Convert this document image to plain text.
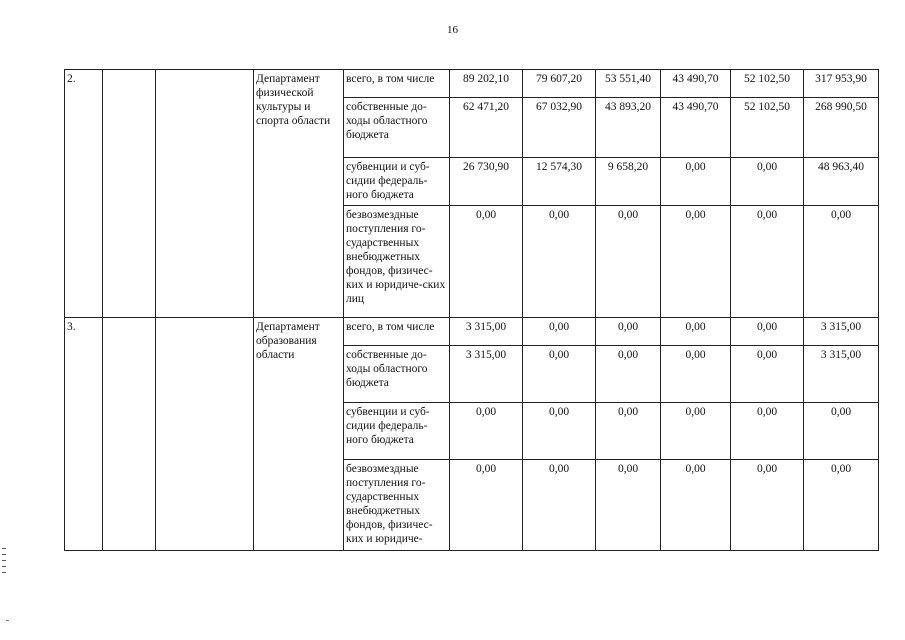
16
2.			Департамент физической культуры и спорта области	всего, в том числе	89 202,10	79 607,20	53 551,40	43 490,70	52 102,50	317 953,90
				собственные до-ходы областного бюджета	62 471,20	67 032,90	43 893,20	43 490,70	52 102,50	268 990,50
				субвенции и суб-сидии федераль-ного бюджета	26 730,90	12 574,30	9 658,20	0,00	0,00	48 963,40
				безвозмездные поступления го-сударственных внебюджетных фондов, физичес-ких и юридиче-ских лиц	0,00	0,00	0,00	0,00	0,00	0,00
3.			Департамент образования области	всего, в том числе	3 315,00	0,00	0,00	0,00	0,00	3 315,00
				собственные до-ходы областного бюджета	3 315,00	0,00	0,00	0,00	0,00	3 315,00
				субвенции и суб-сидии федераль-ного бюджета	0,00	0,00	0,00	0,00	0,00	0,00
				безвозмездные поступления го-сударственных внебюджетных фондов, физичес-ких и юридиче-	0,00	0,00	0,00	0,00	0,00	0,00
